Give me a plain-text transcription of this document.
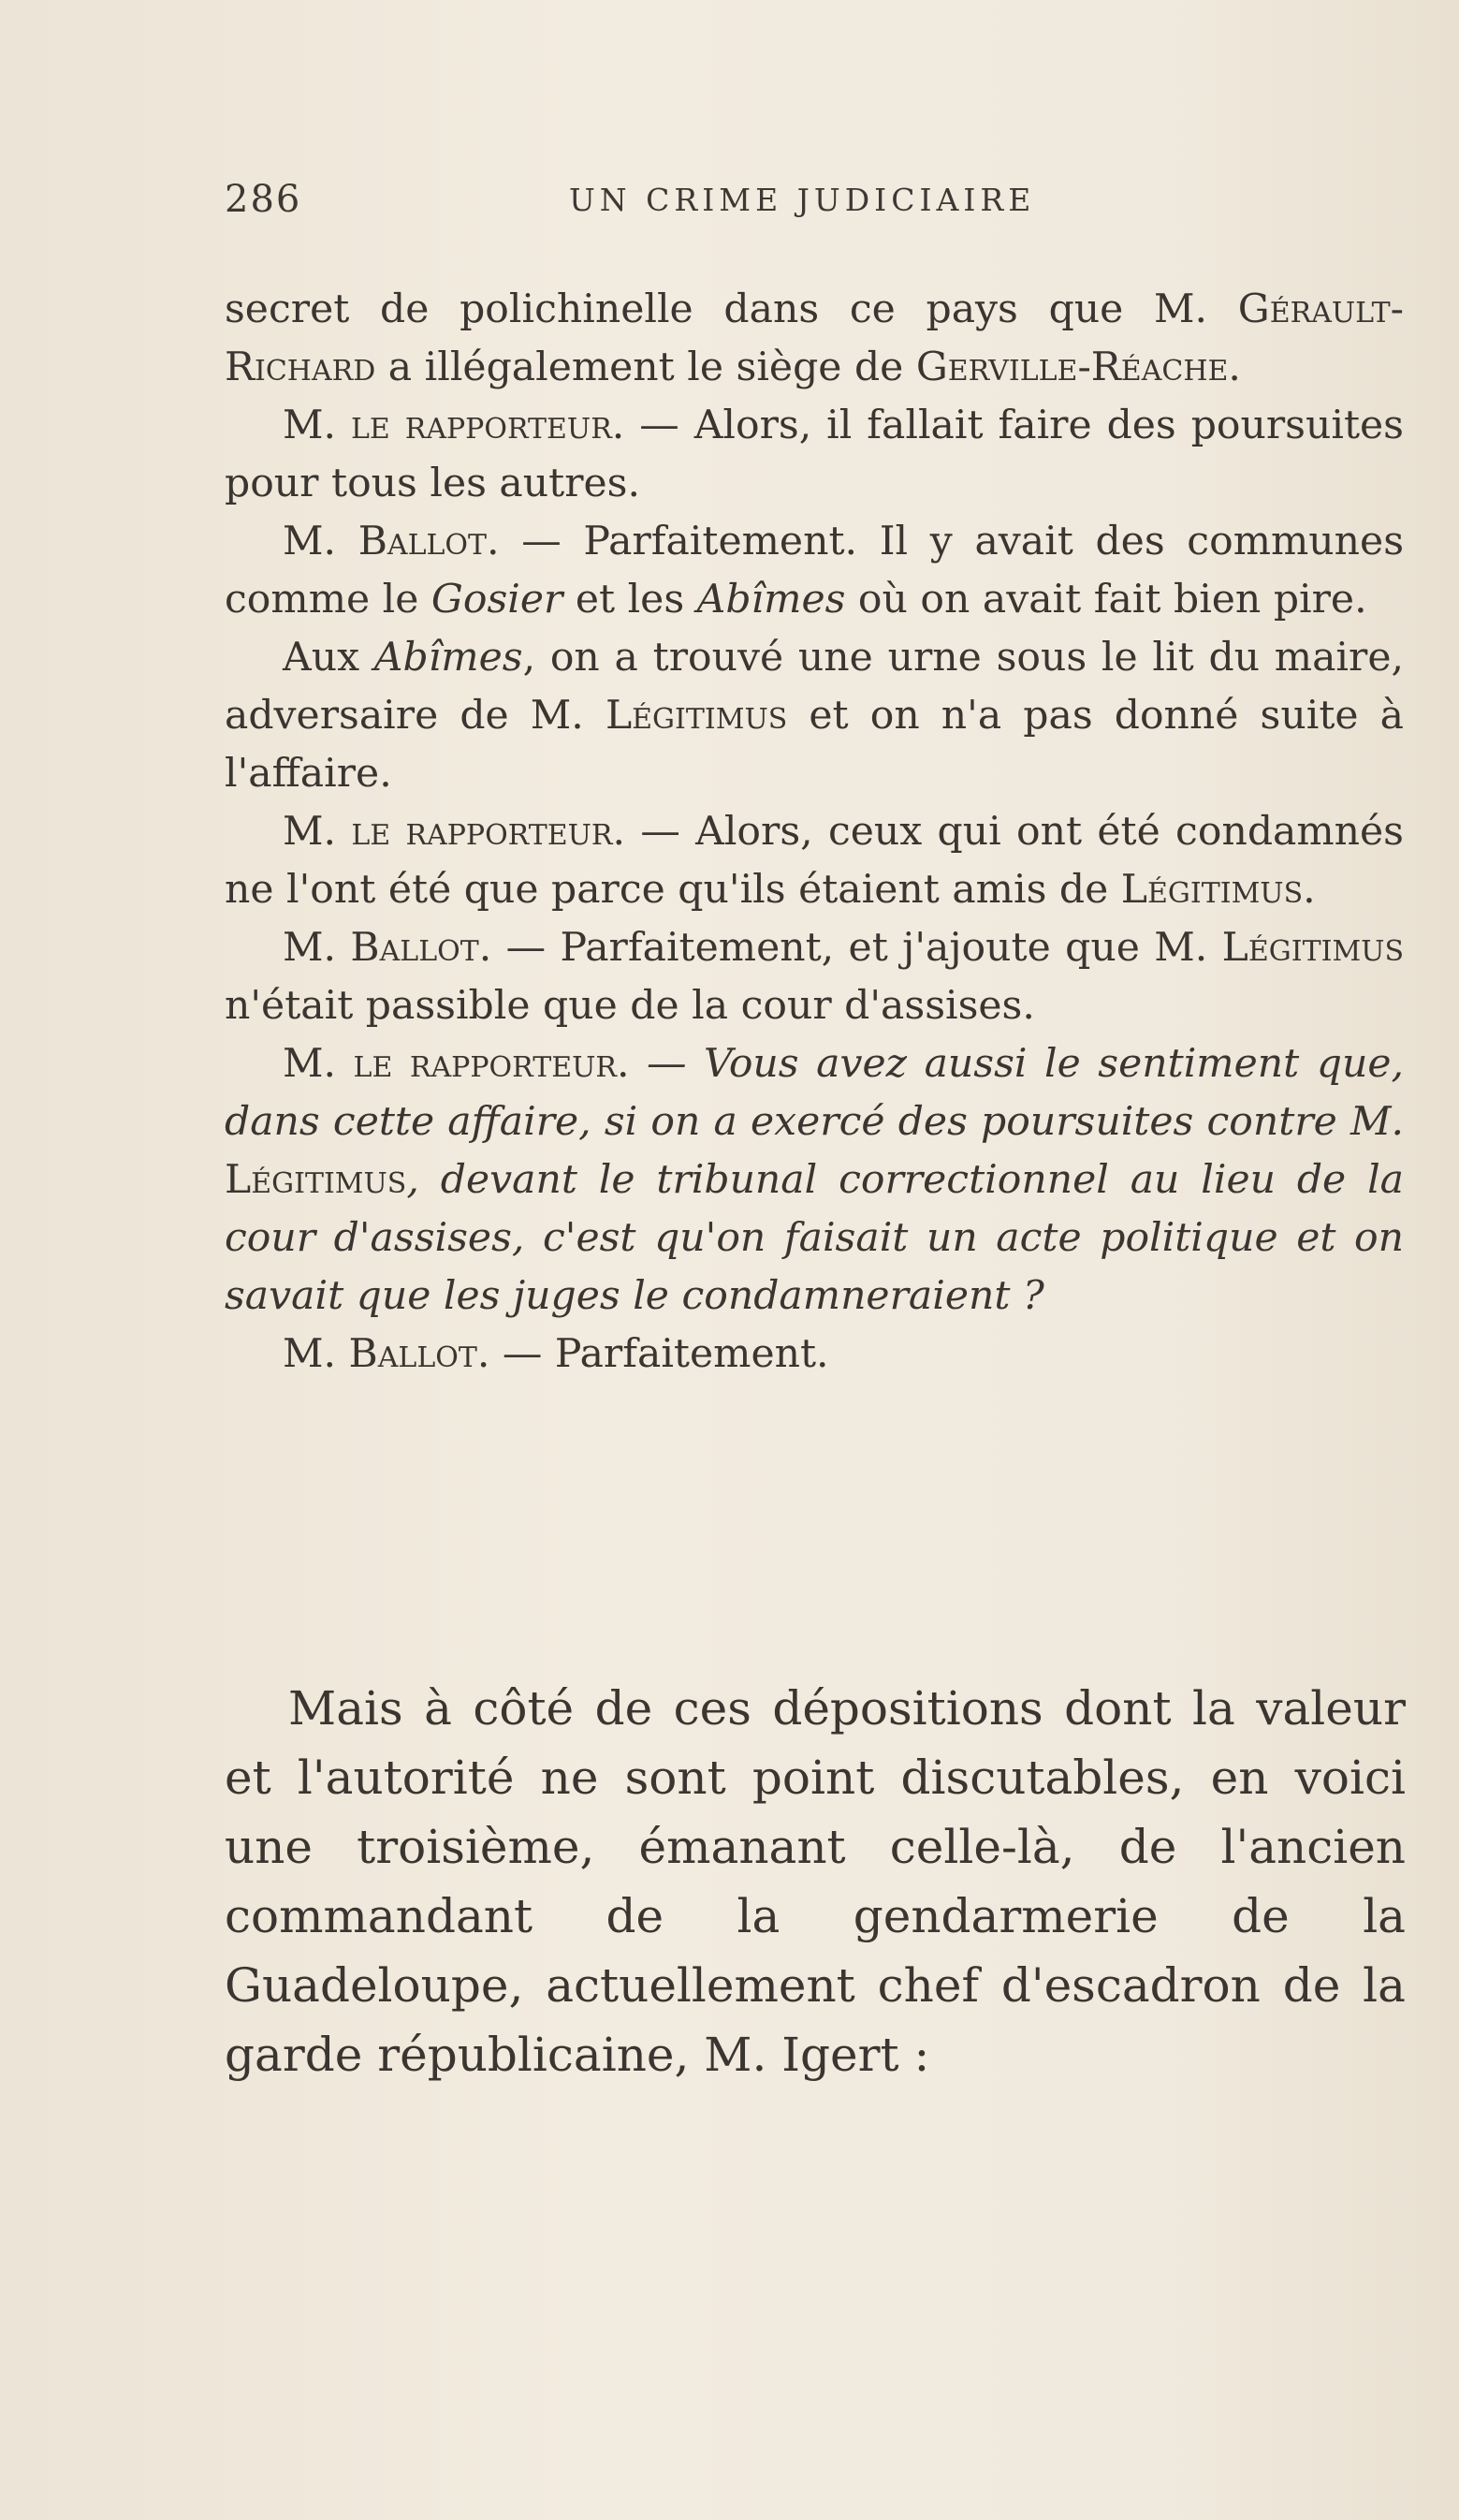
286	UN CRIME JUDICIAIRE

secret de polichinelle dans ce pays que M. Gérault-Richard a illégalement le siège de Gerville-Réache.

M. le rapporteur. — Alors, il fallait faire des poursuites pour tous les autres.

M. Ballot. — Parfaitement. Il y avait des communes comme le Gosier et les Abîmes où on avait fait bien pire.

Aux Abîmes, on a trouvé une urne sous le lit du maire, adversaire de M. Légitimus et on n'a pas donné suite à l'affaire.

M. le rapporteur. — Alors, ceux qui ont été condamnés ne l'ont été que parce qu'ils étaient amis de Légitimus.

M. Ballot. — Parfaitement, et j'ajoute que M. Légitimus n'était passible que de la cour d'assises.

M. le rapporteur. — Vous avez aussi le sentiment que, dans cette affaire, si on a exercé des poursuites contre M. Légitimus, devant le tribunal correctionnel au lieu de la cour d'assises, c'est qu'on faisait un acte politique et on savait que les juges le condamneraient ?

M. Ballot. — Parfaitement.

Mais à côté de ces dépositions dont la valeur et l'autorité ne sont point discutables, en voici une troisième, émanant celle-là, de l'ancien commandant de la gendarmerie de la Guadeloupe, actuellement chef d'escadron de la garde républicaine, M. Igert :
